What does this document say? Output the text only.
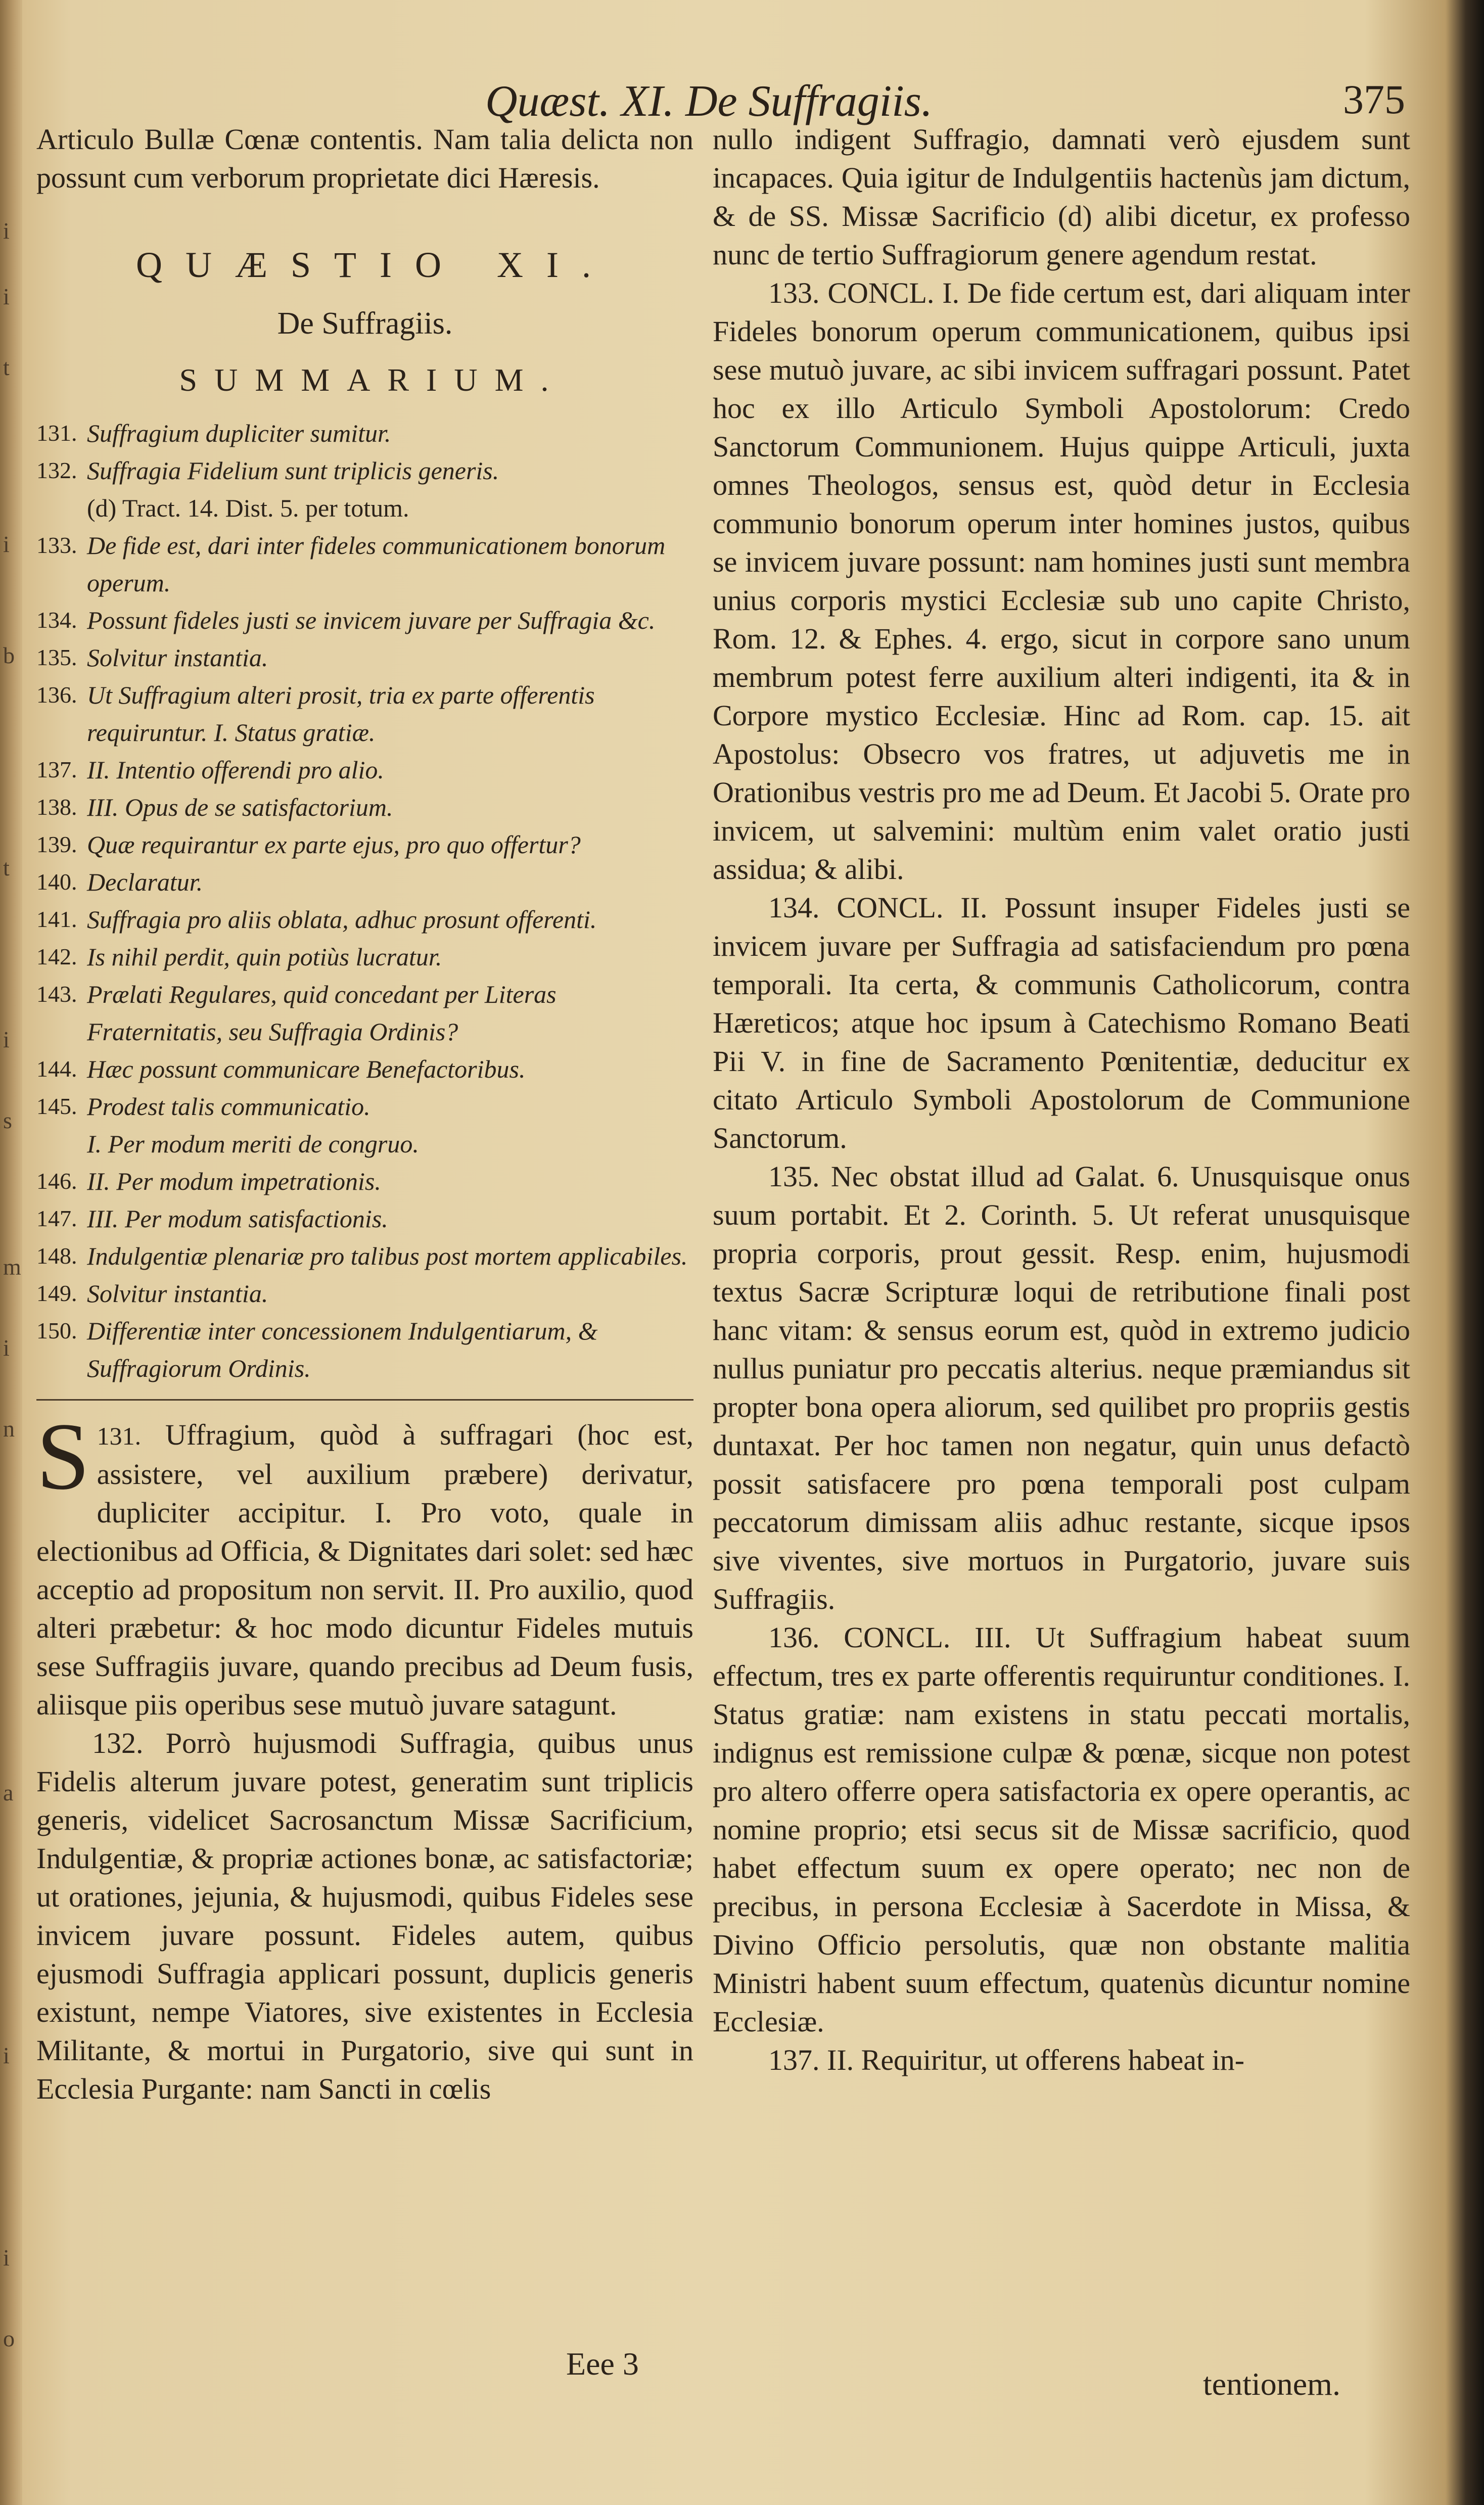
i
i
t
i
b
t
i
s
m
i
n
a
i
i
o
Quæst. XI. De Suffragiis.	375

Articulo Bullæ Cœnæ contentis. Nam talia delicta non possunt cum verborum proprietate dici Hæresis.

QUÆSTIO XI.
De Suffragiis.
SUMMARIUM.
131. Suffragium dupliciter sumitur.
132. Suffragia Fidelium sunt triplicis generis.
(d) Tract. 14. Dist. 5. per totum.
133. De fide est, dari inter fideles communicationem bonorum operum.
134. Possunt fideles justi se invicem juvare per Suffragia &c.
135. Solvitur instantia.
136. Ut Suffragium alteri prosit, tria ex parte offerentis requiruntur. I. Status gratiæ.
137. II. Intentio offerendi pro alio.
138. III. Opus de se satisfactorium.
139. Quæ requirantur ex parte ejus, pro quo offertur?
140. Declaratur.
141. Suffragia pro aliis oblata, adhuc prosunt offerenti.
142. Is nihil perdit, quin potiùs lucratur.
143. Prælati Regulares, quid concedant per Literas Fraternitatis, seu Suffragia Ordinis?
144. Hæc possunt communicare Benefactoribus.
145. Prodest talis communicatio.
I. Per modum meriti de congruo.
146. II. Per modum impetrationis.
147. III. Per modum satisfactionis.
148. Indulgentiæ plenariæ pro talibus post mortem applicabiles.
149. Solvitur instantia.
150. Differentiæ inter concessionem Indulgentiarum, & Suffragiorum Ordinis.

131.
S	Uffragium, quòd à suffragari (hoc est, assistere, vel auxilium præbere) derivatur, dupliciter accipitur. I. Pro voto, quale in electionibus ad Officia, & Dignitates dari solet: sed hæc acceptio ad propositum non servit. II. Pro auxilio, quod alteri præbetur: & hoc modo dicuntur Fideles mutuis sese Suffragiis juvare, quando precibus ad Deum fusis, aliisque piis operibus sese mutuò juvare satagunt.

132. Porrò hujusmodi Suffragia, quibus unus Fidelis alterum juvare potest, generatim sunt triplicis generis, videlicet Sacrosanctum Missæ Sacrificium, Indulgentiæ, & propriæ actiones bonæ, ac satisfactoriæ; ut orationes, jejunia, & hujusmodi, quibus Fideles sese invicem juvare possunt. Fideles autem, quibus ejusmodi Suffragia applicari possunt, duplicis generis existunt, nempe Viatores, sive existentes in Ecclesia Militante, & mortui in Purgatorio, sive qui sunt in Ecclesia Purgante: nam Sancti in cœlis

nullo indigent Suffragio, damnati verò ejusdem sunt incapaces. Quia igitur de Indulgentiis hactenùs jam dictum, & de SS. Missæ Sacrificio (d) alibi dicetur, ex professo nunc de tertio Suffragiorum genere agendum restat.

133. CONCL. I. De fide certum est, dari aliquam inter Fideles bonorum operum communicationem, quibus ipsi sese mutuò juvare, ac sibi invicem suffragari possunt. Patet hoc ex illo Articulo Symboli Apostolorum: Credo Sanctorum Communionem. Hujus quippe Articuli, juxta omnes Theologos, sensus est, quòd detur in Ecclesia communio bonorum operum inter homines justos, quibus se invicem juvare possunt: nam homines justi sunt membra unius corporis mystici Ecclesiæ sub uno capite Christo, Rom. 12. & Ephes. 4. ergo, sicut in corpore sano unum membrum potest ferre auxilium alteri indigenti, ita & in Corpore mystico Ecclesiæ. Hinc ad Rom. cap. 15. ait Apostolus: Obsecro vos fratres, ut adjuvetis me in Orationibus vestris pro me ad Deum. Et Jacobi 5. Orate pro invicem, ut salvemini: multùm enim valet oratio justi assidua; & alibi.

134. CONCL. II. Possunt insuper Fideles justi se invicem juvare per Suffragia ad satisfaciendum pro pœna temporali. Ita certa, & communis Catholicorum, contra Hæreticos; atque hoc ipsum à Catechismo Romano Beati Pii V. in fine de Sacramento Pœnitentiæ, deducitur ex citato Articulo Symboli Apostolorum de Communione Sanctorum.

135. Nec obstat illud ad Galat. 6. Unusquisque onus suum portabit. Et 2. Corinth. 5. Ut referat unusquisque propria corporis, prout gessit. Resp. enim, hujusmodi textus Sacræ Scripturæ loqui de retributione finali post hanc vitam: & sensus eorum est, quòd in extremo judicio nullus puniatur pro peccatis alterius. neque præmiandus sit propter bona opera aliorum, sed quilibet pro propriis gestis duntaxat. Per hoc tamen non negatur, quin unus defactò possit satisfacere pro pœna temporali post culpam peccatorum dimissam aliis adhuc restante, sicque ipsos sive viventes, sive mortuos in Purgatorio, juvare suis Suffragiis.

136. CONCL. III. Ut Suffragium habeat suum effectum, tres ex parte offerentis requiruntur conditiones. I. Status gratiæ: nam existens in statu peccati mortalis, indignus est remissione culpæ & pœnæ, sicque non potest pro altero offerre opera satisfactoria ex opere operantis, ac nomine proprio; etsi secus sit de Missæ sacrificio, quod habet effectum suum ex opere operato; nec non de precibus, in persona Ecclesiæ à Sacerdote in Missa, & Divino Officio persolutis, quæ non obstante malitia Ministri habent suum effectum, quatenùs dicuntur nomine Ecclesiæ.

137. II. Requiritur, ut offerens habeat in-

Eee 3
tentionem.
